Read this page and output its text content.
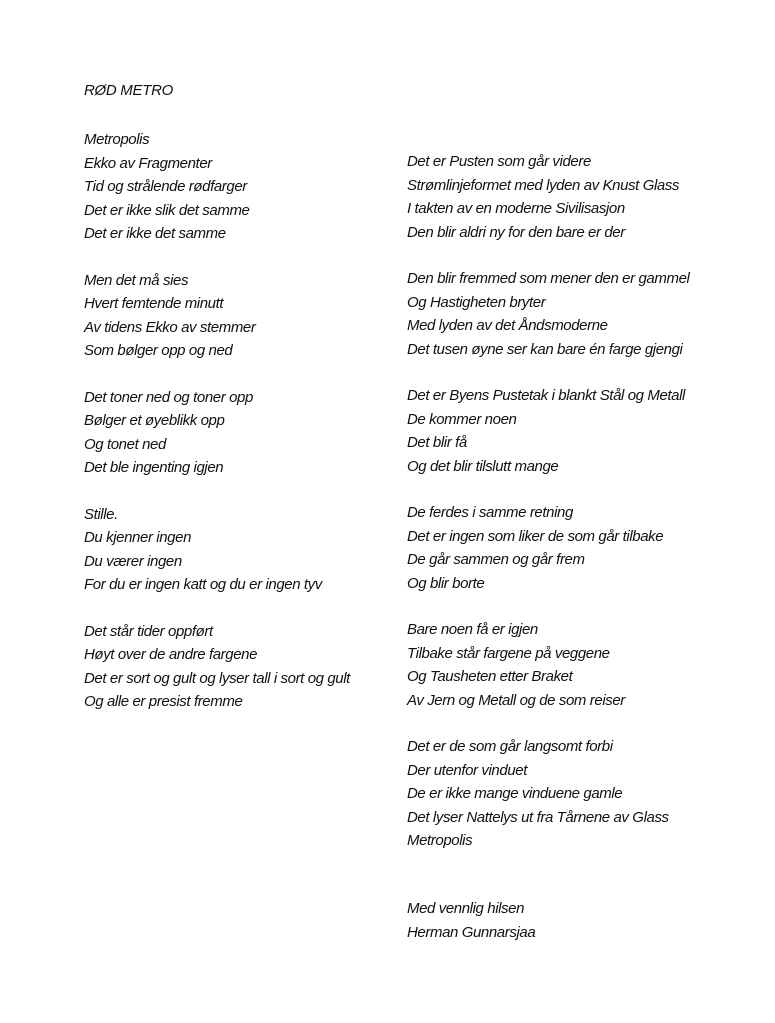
RØD METRO
Metropolis
Ekko av Fragmenter
Tid og strålende rødfarger
Det er ikke slik det samme
Det er ikke det samme
Men det må sies
Hvert femtende minutt
Av tidens Ekko av stemmer
Som bølger opp og ned
Det toner ned og toner opp
Bølger et øyeblikk opp
Og tonet ned
Det ble ingenting igjen
Stille.
Du kjenner ingen
Du værer ingen
For du er ingen katt og du er ingen tyv
Det står tider oppført
Høyt over de andre fargene
Det er sort og gult og lyser tall i sort og gult
Og alle er presist fremme
Det er Pusten som går videre
Strømlinjeformet med lyden av Knust Glass
I takten av en moderne Sivilisasjon
Den blir aldri ny for den bare er der
Den blir fremmed som mener den er gammel
Og Hastigheten bryter
Med lyden av det Åndsmoderne
Det tusen øyne ser kan bare én farge gjengi
Det er Byens Pustetak i blankt Stål og Metall
De kommer noen
Det blir få
Og det blir tilslutt mange
De ferdes i samme retning
Det er ingen som liker de som går tilbake
De går sammen og går frem
Og blir borte
Bare noen få er igjen
Tilbake står fargene på veggene
Og Tausheten etter Braket
Av Jern og Metall og de som reiser
Det er de som går langsomt forbi
Der utenfor vinduet
De er ikke mange vinduene gamle
Det lyser Nattelys ut fra Tårnene av Glass
Metropolis
Med vennlig hilsen
Herman Gunnarsjaa
